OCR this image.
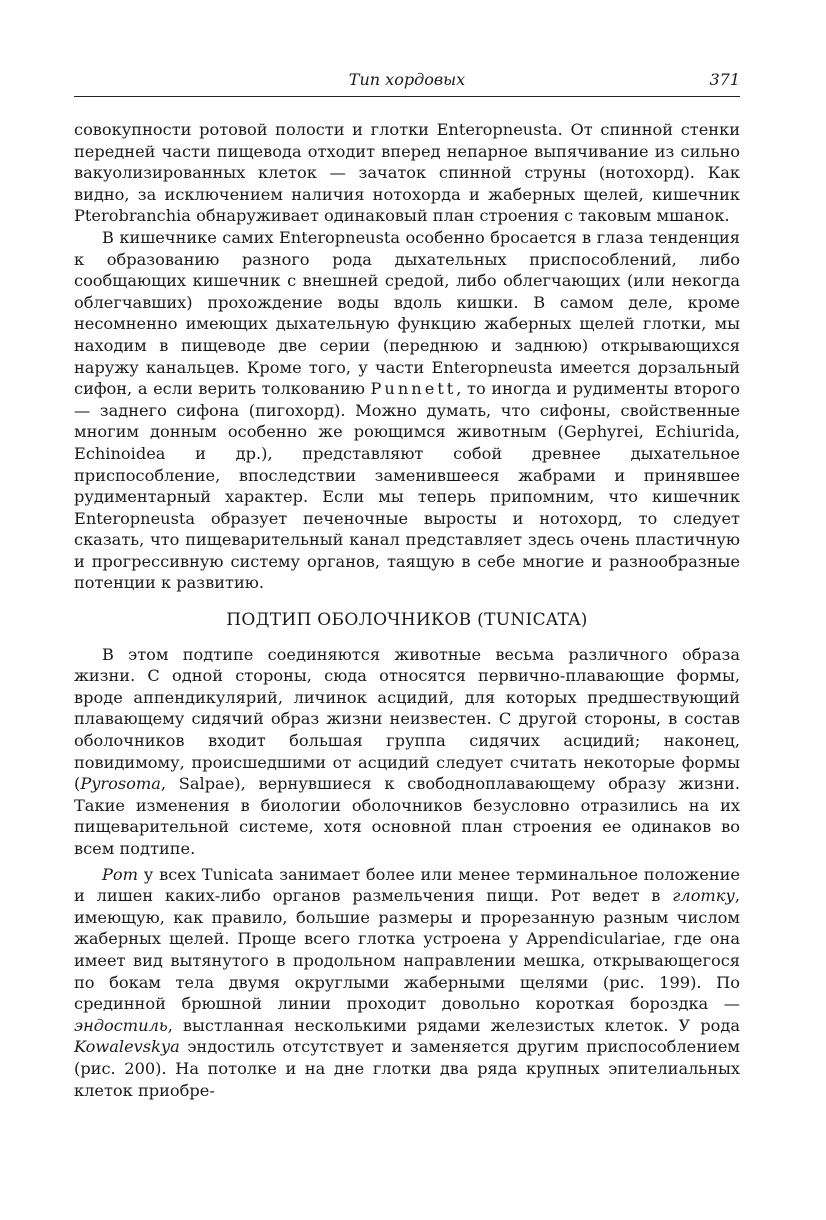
Тип хордовых	371

совокупности ротовой полости и глотки Enteropneusta. От спинной стенки передней части пищевода отходит вперед непарное выпячивание из сильно вакуолизированных клеток — зачаток спинной струны (нотохорд). Как видно, за исключением наличия нотохорда и жаберных щелей, кишечник Pterobranchia обнаруживает одинаковый план строения с таковым мшанок.

В кишечнике самих Enteropneusta особенно бросается в глаза тенденция к образованию разного рода дыхательных приспособлений, либо сообщающих кишечник с внешней средой, либо облегчающих (или некогда облегчавших) прохождение воды вдоль кишки. В самом деле, кроме несомненно имеющих дыхательную функцию жаберных щелей глотки, мы находим в пищеводе две серии (переднюю и заднюю) открывающихся наружу канальцев. Кроме того, у части Enteropneusta имеется дорзальный сифон, а если верить толкованию Punnett, то иногда и рудименты второго — заднего сифона (пигохорд). Можно думать, что сифоны, свойственные многим донным особенно же роющимся животным (Gephyrei, Echiurida, Echinoidea и др.), представляют собой древнее дыхательное приспособление, впоследствии заменившееся жабрами и принявшее рудиментарный характер. Если мы теперь припомним, что кишечник Enteropneusta образует печеночные выросты и нотохорд, то следует сказать, что пищеварительный канал представляет здесь очень пластичную и прогрессивную систему органов, таящую в себе многие и разнообразные потенции к развитию.

ПОДТИП ОБОЛОЧНИКОВ (TUNICATA)

В этом подтипе соединяются животные весьма различного образа жизни. С одной стороны, сюда относятся первично-плавающие формы, вроде аппендикулярий, личинок асцидий, для которых предшествующий плавающему сидячий образ жизни неизвестен. С другой стороны, в состав оболочников входит большая группа сидячих асцидий; наконец, повидимому, происшедшими от асцидий следует считать некоторые формы (Pyrosoma, Salpae), вернувшиеся к свободноплавающему образу жизни. Такие изменения в биологии оболочников безусловно отразились на их пищеварительной системе, хотя основной план строения ее одинаков во всем подтипе.

Рот у всех Tunicata занимает более или менее терминальное положение и лишен каких-либо органов размельчения пищи. Рот ведет в глотку, имеющую, как правило, большие размеры и прорезанную разным числом жаберных щелей. Проще всего глотка устроена у Appendiculariae, где она имеет вид вытянутого в продольном направлении мешка, открывающегося по бокам тела двумя округлыми жаберными щелями (рис. 199). По срединной брюшной линии проходит довольно короткая бороздка — эндостиль, выстланная несколькими рядами железистых клеток. У рода Kowalevskya эндостиль отсутствует и заменяется другим приспособлением (рис. 200). На потолке и на дне глотки два ряда крупных эпителиальных клеток приобре-
